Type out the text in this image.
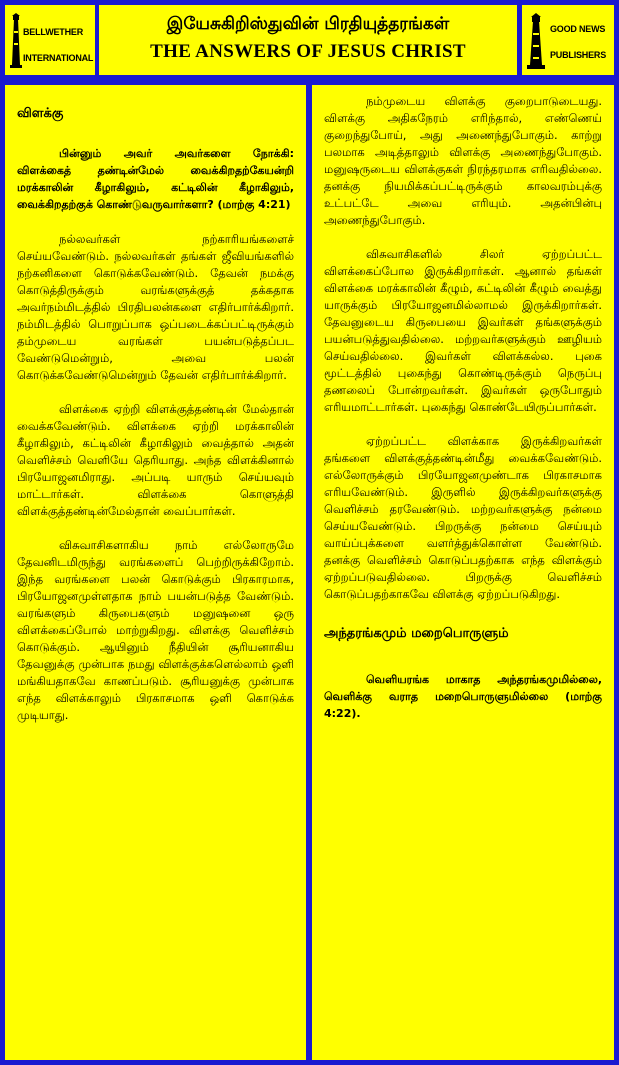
BELLWETHER
INTERNATIONAL
இயேசுகிறிஸ்துவின் பிரதியுத்தரங்கள்
THE ANSWERS OF JESUS CHRIST
GOOD NEWS
PUBLISHERS
விளக்கு
பின்னும் அவர் அவர்களை நோக்கி: விளக்கைத் தண்டின்மேல் வைக்கிறதற்கேயன்றி மரக்காலின் கீழாகிலும், கட்டிலின் கீழாகிலும், வைக்கிறதற்குக் கொண்டுவருவார்களா? (மாற்கு 4:21)

நல்லவர்கள் நற்காரியங்களைச் செய்யவேண்டும். நல்லவர்கள் தங்கள் ஜீவியங்களில் நற்கனிகளை கொடுக்கவேண்டும். தேவன் நமக்கு கொடுத்திருக்கும் வரங்களுக்குத் தக்கதாக அவர்நம்மிடத்தில் பிரதிபலன்களை எதிர்பார்க்கிறார். நம்மிடத்தில் பொறுப்பாக ஒப்படைக்கப்பட்டிருக்கும் தம்முடைய வரங்கள் பயன்படுத்தப்பட வேண்டுமென்றும், அவை பலன் கொடுக்கவேண்டுமென்றும் தேவன் எதிர்பார்க்கிறார்.

விளக்கை ஏற்றி விளக்குத்தண்டின் மேல்தான் வைக்கவேண்டும். விளக்கை ஏற்றி மரக்காலின் கீழாகிலும், கட்டிலின் கீழாகிலும் வைத்தால் அதன் வெளிச்சம் வெளியே தெரியாது. அந்த விளக்கினால் பிரயோஜனமிராது. அப்படி யாரும் செய்யவும் மாட்டார்கள். விளக்கை கொளுத்தி விளக்குத்தண்டின்மேல்தான் வைப்பார்கள்.

விசுவாசிகளாகிய நாம் எல்லோருமே தேவனிடமிருந்து வரங்களைப் பெற்றிருக்கிறோம். இந்த வரங்களை பலன் கொடுக்கும் பிரகாரமாக, பிரயோஜனமுள்ளதாக நாம் பயன்படுத்த வேண்டும். வரங்களும் கிருபைகளும் மனுஷனை ஒரு விளக்கைப்போல் மாற்றுகிறது. விளக்கு வெளிச்சம் கொடுக்கும். ஆயினும் நீதியின் சூரியனாகிய தேவனுக்கு முன்பாக நமது விளக்குக்களெல்லாம் ஒளி மங்கியதாகவே காணப்படும். சூரியனுக்கு முன்பாக எந்த விளக்காலும் பிரகாசமாக ஒளி கொடுக்க முடியாது.

நம்முடைய விளக்கு குறைபாடுடையது. விளக்கு அதிகநேரம் எரிந்தால், எண்ணெய் குறைந்துபோய், அது அணைந்துபோகும். காற்று பலமாக அடித்தாலும் விளக்கு அணைந்துபோகும். மனுஷருடைய விளக்குகள் நிரந்தரமாக எரிவதில்லை. தனக்கு நியமிக்கப்பட்டிருக்கும் காலவரம்புக்கு உட்பட்டே அவை எரியும். அதன்பின்பு அணைந்துபோகும்.

விசுவாசிகளில் சிலர் ஏற்றப்பட்ட விளக்கைப்போல இருக்கிறார்கள். ஆனால் தங்கள் விளக்கை மரக்காலின் கீழும், கட்டிலின் கீழும் வைத்து யாருக்கும் பிரயோஜனமில்லாமல் இருக்கிறார்கள். தேவனுடைய கிருபையை இவர்கள் தங்களுக்கும் பயன்படுத்துவதில்லை. மற்றவர்களுக்கும் ஊழியம் செய்வதில்லை. இவர்கள் விளக்கல்ல. புகை மூட்டத்தில் புகைந்து கொண்டிருக்கும் நெருப்பு தணலைப் போன்றவர்கள். இவர்கள் ஒருபோதும் எரியமாட்டார்கள். புகைந்து கொண்டேயிருப்பார்கள்.

ஏற்றப்பட்ட விளக்காக இருக்கிறவர்கள் தங்களை விளக்குத்தண்டின்மீது வைக்கவேண்டும். எல்லோருக்கும் பிரயோஜனமுண்டாக பிரகாசமாக எரியவேண்டும். இருளில் இருக்கிறவர்களுக்கு வெளிச்சம் தரவேண்டும். மற்றவர்களுக்கு நன்மை செய்யவேண்டும். பிறருக்கு நன்மை செய்யும் வாய்ப்புக்களை வளர்த்துக்கொள்ள வேண்டும். தனக்கு வெளிச்சம் கொடுப்பதற்காக எந்த விளக்கும் ஏற்றப்படுவதில்லை. பிறருக்கு வெளிச்சம் கொடுப்பதற்காகவே விளக்கு ஏற்றப்படுகிறது.

அந்தரங்கமும் மறைபொருளும்
வெளியரங்க மாகாத அந்தரங்கமுமில்லை, வெளிக்கு வராத மறைபொருளுமில்லை (மாற்கு 4:22).
